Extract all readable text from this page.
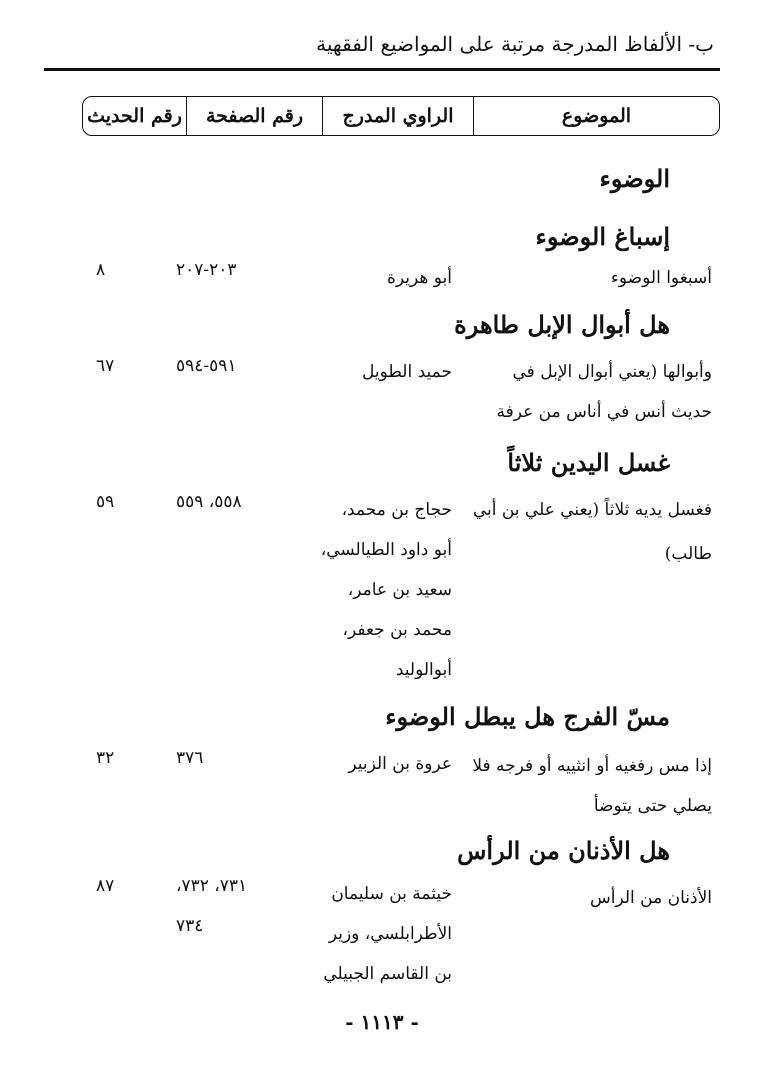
ب- الألفاظ المدرجة مرتبة على المواضيع الفقهية
الموضوع
الراوي المدرج
رقم الصفحة
رقم الحديث
الوضوء
إسباغ الوضوء
هل أبوال الإبل طاهرة
غسل اليدين ثلاثاً
مسّ الفرج هل يبطل الوضوء
هل الأذنان من الرأس
أسبغوا الوضوء
أبو هريرة
٢٠٣-٢٠٧
٨
وأبوالها (يعني أبوال الإبل في
حديث أنس في أناس من عرفة
حميد الطويل
٥٩١-٥٩٤
٦٧
فغسل يديه ثلاثاً (يعني علي بن أبي
طالب)
حجاج بن محمد،
أبو داود الطيالسي،
سعيد بن عامر،
محمد بن جعفر،
أبوالوليد
٥٥٨، ٥٥٩
٥٩
إذا مس رفغيه أو انثييه أو فرجه فلا
يصلي حتى يتوضأ
عروة بن الزبير
٣٧٦
٣٢
الأذنان من الرأس
خيثمة بن سليمان
الأطرابلسي، وزير
بن القاسم الجبيلي
٧٣١، ٧٣٢،
٧٣٤
٨٧
- ١١١٣ -
